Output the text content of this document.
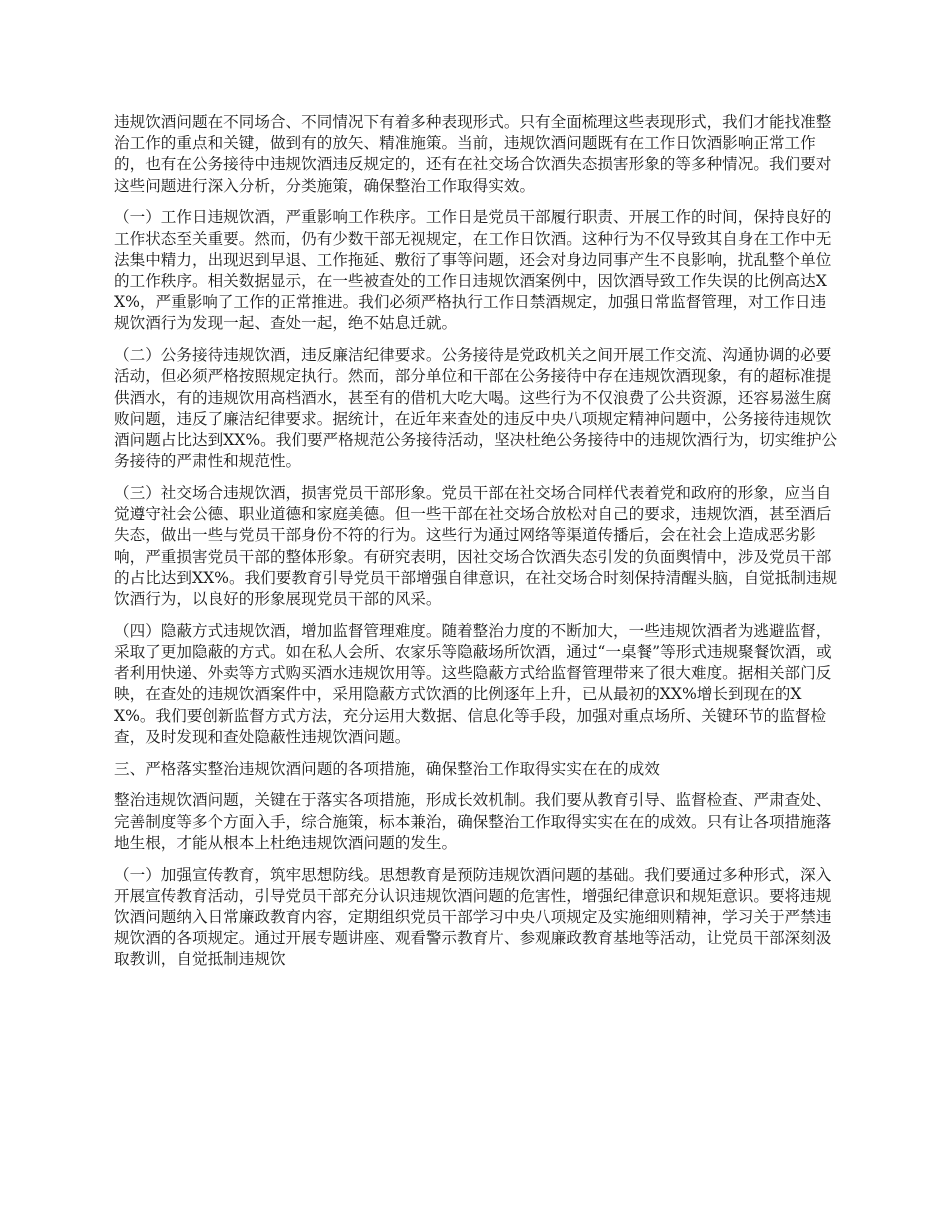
违规饮酒问题在不同场合、不同情况下有着多种表现形式。只有全面梳理这些表现形式，我们才能找准整治工作的重点和关键，做到有的放矢、精准施策。当前，违规饮酒问题既有在工作日饮酒影响正常工作的，也有在公务接待中违规饮酒违反规定的，还有在社交场合饮酒失态损害形象的等多种情况。我们要对这些问题进行深入分析，分类施策，确保整治工作取得实效。

（一）工作日违规饮酒，严重影响工作秩序。工作日是党员干部履行职责、开展工作的时间，保持良好的工作状态至关重要。然而，仍有少数干部无视规定，在工作日饮酒。这种行为不仅导致其自身在工作中无法集中精力，出现迟到早退、工作拖延、敷衍了事等问题，还会对身边同事产生不良影响，扰乱整个单位的工作秩序。相关数据显示，在一些被查处的工作日违规饮酒案例中，因饮酒导致工作失误的比例高达XX%，严重影响了工作的正常推进。我们必须严格执行工作日禁酒规定，加强日常监督管理，对工作日违规饮酒行为发现一起、查处一起，绝不姑息迁就。

（二）公务接待违规饮酒，违反廉洁纪律要求。公务接待是党政机关之间开展工作交流、沟通协调的必要活动，但必须严格按照规定执行。然而，部分单位和干部在公务接待中存在违规饮酒现象，有的超标准提供酒水，有的违规饮用高档酒水，甚至有的借机大吃大喝。这些行为不仅浪费了公共资源，还容易滋生腐败问题，违反了廉洁纪律要求。据统计，在近年来查处的违反中央八项规定精神问题中，公务接待违规饮酒问题占比达到XX%。我们要严格规范公务接待活动，坚决杜绝公务接待中的违规饮酒行为，切实维护公务接待的严肃性和规范性。

（三）社交场合违规饮酒，损害党员干部形象。党员干部在社交场合同样代表着党和政府的形象，应当自觉遵守社会公德、职业道德和家庭美德。但一些干部在社交场合放松对自己的要求，违规饮酒，甚至酒后失态，做出一些与党员干部身份不符的行为。这些行为通过网络等渠道传播后，会在社会上造成恶劣影响，严重损害党员干部的整体形象。有研究表明，因社交场合饮酒失态引发的负面舆情中，涉及党员干部的占比达到XX%。我们要教育引导党员干部增强自律意识，在社交场合时刻保持清醒头脑，自觉抵制违规饮酒行为，以良好的形象展现党员干部的风采。

（四）隐蔽方式违规饮酒，增加监督管理难度。随着整治力度的不断加大，一些违规饮酒者为逃避监督，采取了更加隐蔽的方式。如在私人会所、农家乐等隐蔽场所饮酒，通过“一桌餐”等形式违规聚餐饮酒，或者利用快递、外卖等方式购买酒水违规饮用等。这些隐蔽方式给监督管理带来了很大难度。据相关部门反映，在查处的违规饮酒案件中，采用隐蔽方式饮酒的比例逐年上升，已从最初的XX%增长到现在的XX%。我们要创新监督方式方法，充分运用大数据、信息化等手段，加强对重点场所、关键环节的监督检查，及时发现和查处隐蔽性违规饮酒问题。

三、严格落实整治违规饮酒问题的各项措施，确保整治工作取得实实在在的成效

整治违规饮酒问题，关键在于落实各项措施，形成长效机制。我们要从教育引导、监督检查、严肃查处、完善制度等多个方面入手，综合施策，标本兼治，确保整治工作取得实实在在的成效。只有让各项措施落地生根，才能从根本上杜绝违规饮酒问题的发生。

（一）加强宣传教育，筑牢思想防线。思想教育是预防违规饮酒问题的基础。我们要通过多种形式，深入开展宣传教育活动，引导党员干部充分认识违规饮酒问题的危害性，增强纪律意识和规矩意识。要将违规饮酒问题纳入日常廉政教育内容，定期组织党员干部学习中央八项规定及实施细则精神，学习关于严禁违规饮酒的各项规定。通过开展专题讲座、观看警示教育片、参观廉政教育基地等活动，让党员干部深刻汲取教训，自觉抵制违规饮
